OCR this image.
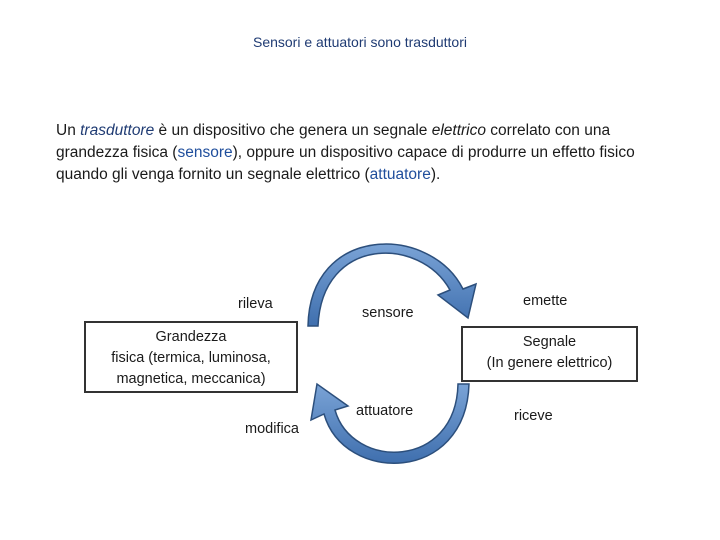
Sensori e attuatori sono trasduttori
Un trasduttore è un dispositivo che genera un segnale elettrico correlato con una grandezza fisica (sensore), oppure un dispositivo capace di produrre un effetto fisico quando gli venga fornito un segnale elettrico (attuatore).
rileva
sensore
emette
modifica
attuatore	riceve
Grandezza
fisica (termica, luminosa,
magnetica, meccanica)
Segnale
(In genere elettrico)
